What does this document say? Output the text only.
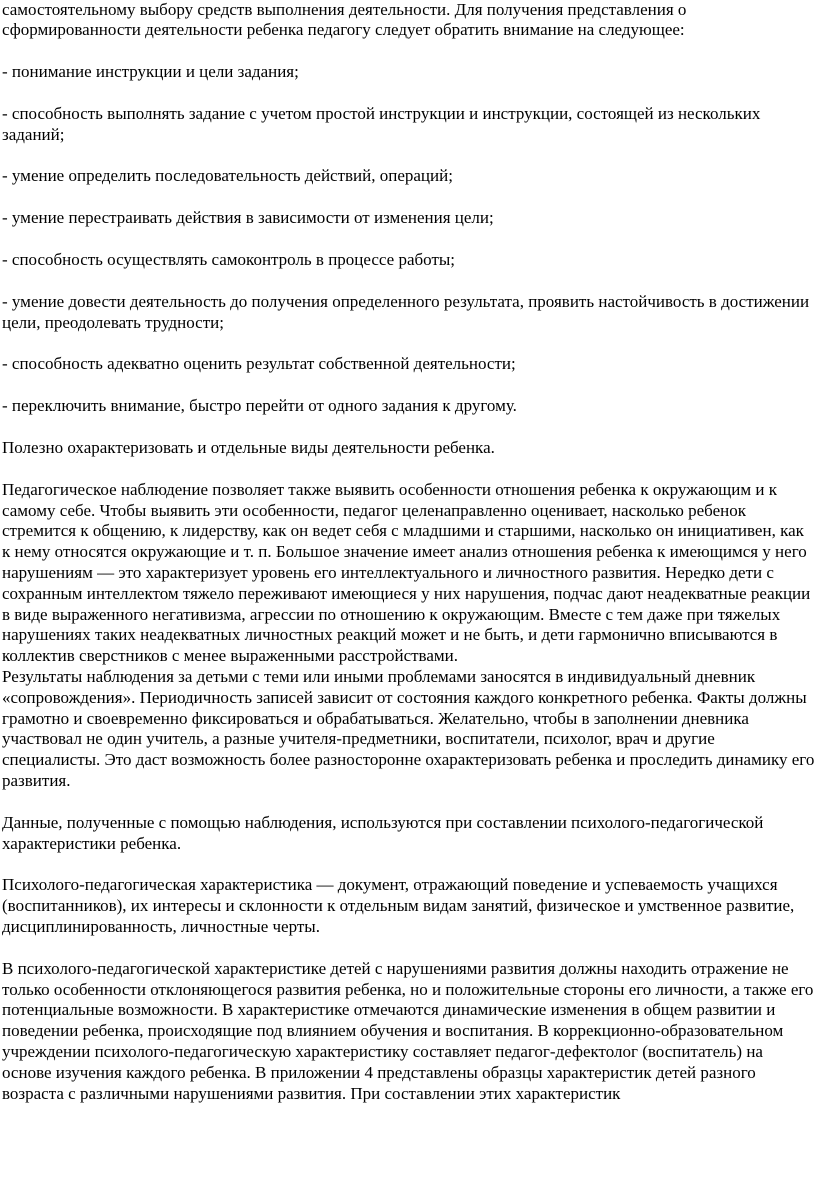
самостоятельному выбору средств выполнения деятельности. Для получения представления о сформированности деятельности ребенка педагогу следует обратить внимание на следующее:

- понимание инструкции и цели задания;

- способность выполнять задание с учетом простой инструкции и инструкции, состоящей из нескольких заданий;

- умение определить последовательность действий, операций;

- умение перестраивать действия в зависимости от изменения цели;

- способность осуществлять самоконтроль в процессе работы;

- умение довести деятельность до получения определенного результата, проявить настойчивость в достижении цели, преодолевать трудности;

- способность адекватно оценить результат собственной деятельности;

- переключить внимание, быстро перейти от одного задания к другому.

Полезно охарактеризовать и отдельные виды деятельности ребенка.

Педагогическое наблюдение позволяет также выявить особенности отношения ребенка к окружающим и к самому себе. Чтобы выявить эти особенности, педагог целенаправленно оценивает, насколько ребенок стремится к общению, к лидерству, как он ведет себя с младшими и старшими, насколько он инициативен, как к нему относятся окружающие и т. п. Большое значение имеет анализ отношения ребенка к имеющимся у него нарушениям — это характеризует уровень его интеллектуального и личностного развития. Нередко дети с сохранным интеллектом тяжело переживают имеющиеся у них нарушения, подчас дают неадекватные реакции в виде выраженного негативизма, агрессии по отношению к окружающим. Вместе с тем даже при тяжелых нарушениях таких неадекватных личностных реакций может и не быть, и дети гармонично вписываются в коллектив сверстников с менее выраженными расстройствами.

Результаты наблюдения за детьми с теми или иными проблемами заносятся в индивидуальный дневник «сопровождения». Периодичность записей зависит от состояния каждого конкретного ребенка. Факты должны грамотно и своевременно фиксироваться и обрабатываться. Желательно, чтобы в заполнении дневника участвовал не один учитель, а разные учителя-предметники, воспитатели, психолог, врач и другие специалисты. Это даст возможность более разносторонне охарактеризовать ребенка и проследить динамику его развития.

Данные, полученные с помощью наблюдения, используются при составлении психолого-педагогической характеристики ребенка.

Психолого-педагогическая характеристика — документ, отражающий поведение и успеваемость учащихся (воспитанников), их интересы и склонности к отдельным видам занятий, физическое и умственное развитие, дисциплинированность, личностные черты.

В психолого-педагогической характеристике детей с нарушениями развития должны находить отражение не только особенности отклоняющегося развития ребенка, но и положительные стороны его личности, а также его потенциальные возможности. В характеристике отмечаются динамические изменения в общем развитии и поведении ребенка, происходящие под влиянием обучения и воспитания. В коррекционно-образовательном учреждении психолого-педагогическую характеристику составляет педагог-дефектолог (воспитатель) на основе изучения каждого ребенка. В приложении 4 представлены образцы характеристик детей разного возраста с различными нарушениями развития. При составлении этих характеристик
